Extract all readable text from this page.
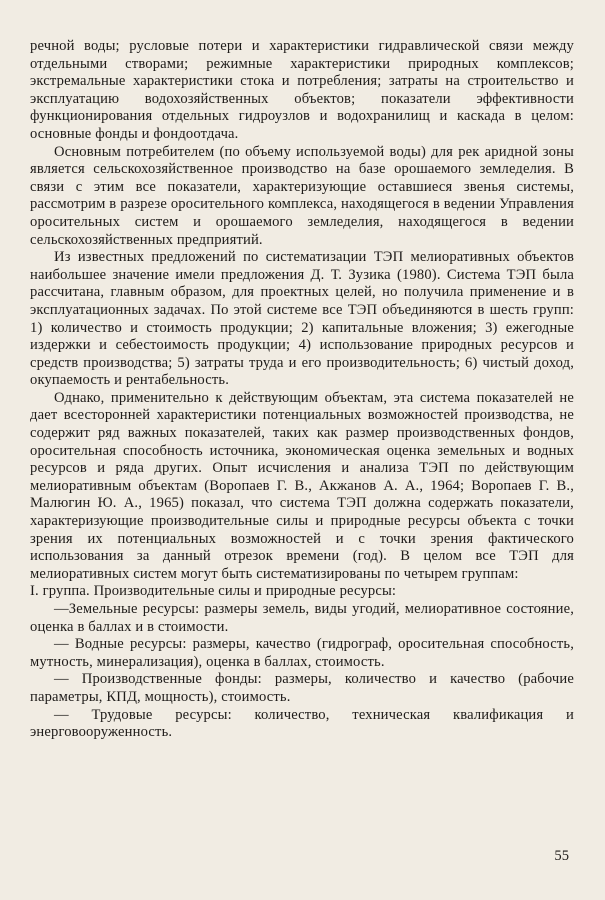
речной воды; русловые потери и характеристики гидравлической связи между отдельными створами; режимные характеристики природных комплексов; экстремальные характеристики стока и потребления; затраты на строительство и эксплуатацию водохозяйственных объектов; показатели эффективности функционирования отдельных гидроузлов и водохранилищ и каскада в целом: основные фонды и фондоотдача.

Основным потребителем (по объему используемой воды) для рек аридной зоны является сельскохозяйственное производство на базе орошаемого земледелия. В связи с этим все показатели, характеризующие оставшиеся звенья системы, рассмотрим в разрезе оросительного комплекса, находящегося в ведении Управления оросительных систем и орошаемого земледелия, находящегося в ведении сельскохозяйственных предприятий.

Из известных предложений по систематизации ТЭП мелиоративных объектов наибольшее значение имели предложения Д. Т. Зузика (1980). Система ТЭП была рассчитана, главным образом, для проектных целей, но получила применение и в эксплуатационных задачах. По этой системе все ТЭП объединяются в шесть групп: 1) количество и стоимость продукции; 2) капитальные вложения; 3) ежегодные издержки и себестоимость продукции; 4) использование природных ресурсов и средств производства; 5) затраты труда и его производительность; 6) чистый доход, окупаемость и рентабельность.

Однако, применительно к действующим объектам, эта система показателей не дает всесторонней характеристики потенциальных возможностей производства, не содержит ряд важных показателей, таких как размер производственных фондов, оросительная способность источника, экономическая оценка земельных и водных ресурсов и ряда других. Опыт исчисления и анализа ТЭП по действующим мелиоративным объектам (Воропаев Г. В., Акжанов А. А., 1964; Воропаев Г. В., Малюгин Ю. А., 1965) показал, что система ТЭП должна содержать показатели, характеризующие производительные силы и природные ресурсы объекта с точки зрения их потенциальных возможностей и с точки зрения фактического использования за данный отрезок времени (год). В целом все ТЭП для мелиоративных систем могут быть систематизированы по четырем группам:

I. группа. Производительные силы и природные ресурсы:

—Земельные ресурсы: размеры земель, виды угодий, мелиоративное состояние, оценка в баллах и в стоимости.

— Водные ресурсы: размеры, качество (гидрограф, оросительная способность, мутность, минерализация), оценка в баллах, стоимость.

— Производственные фонды: размеры, количество и качество (рабочие параметры, КПД, мощность), стоимость.

— Трудовые ресурсы: количество, техническая квалификация и энерговооруженность.

55
